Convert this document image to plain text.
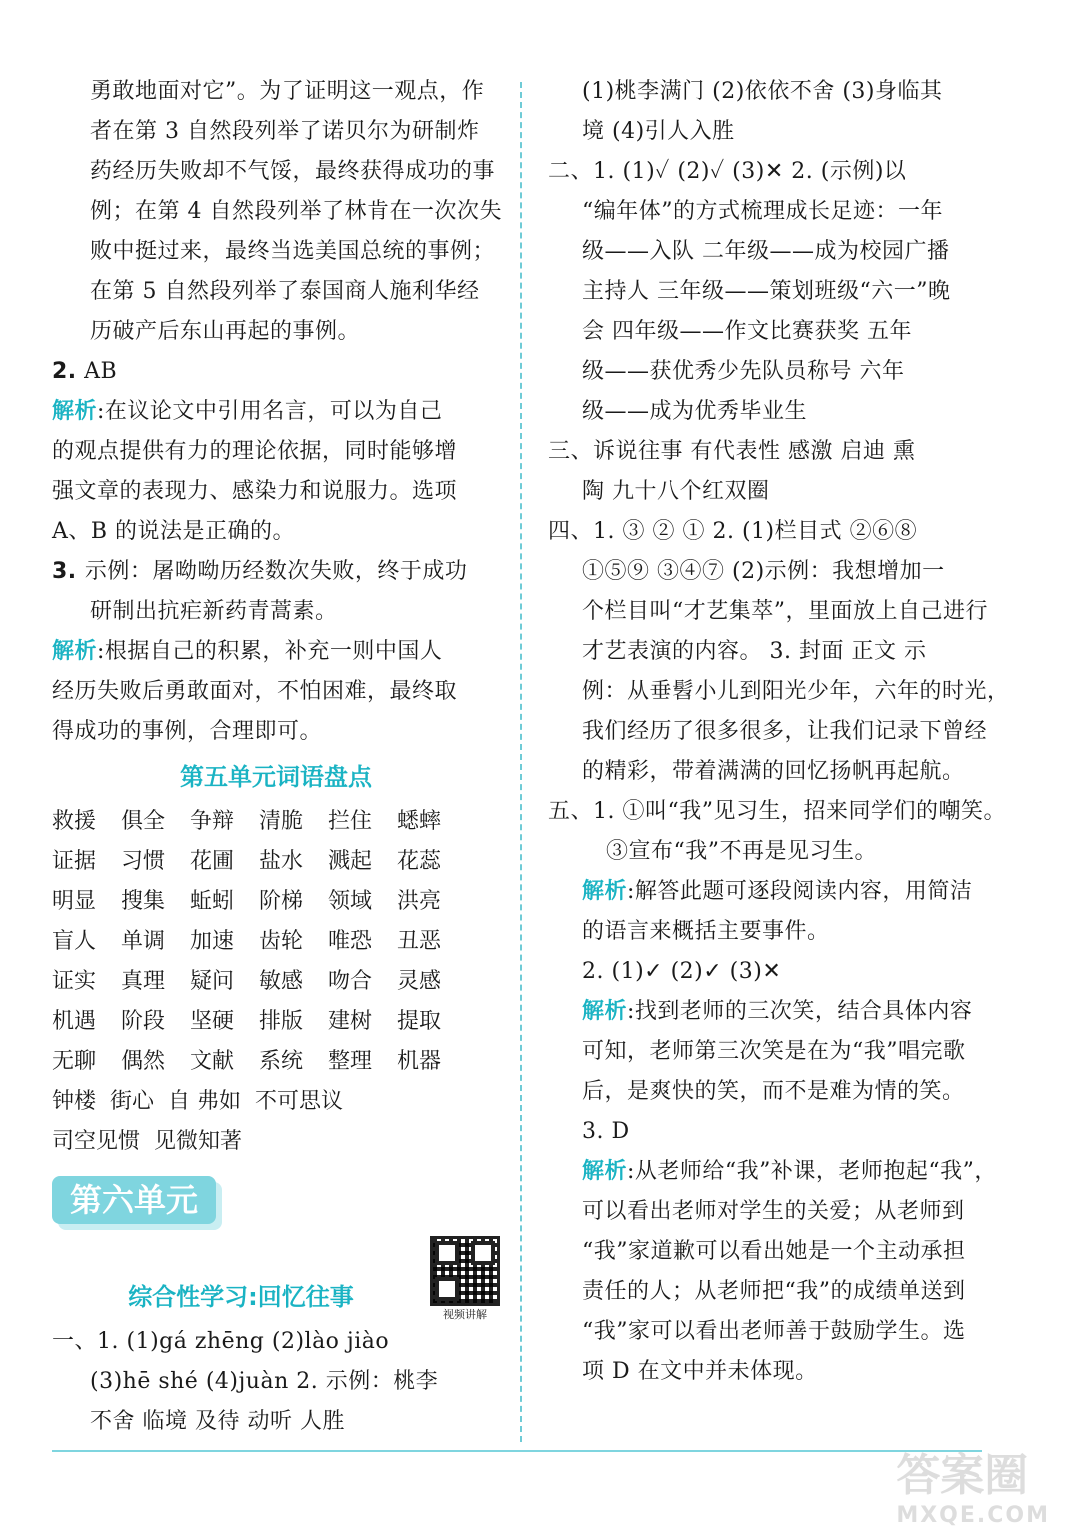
勇敢地面对它”。为了证明这一观点，作
者在第 3 自然段列举了诺贝尔为研制炸
药经历失败却不气馁，最终获得成功的事
例；在第 4 自然段列举了林肯在一次次失
败中挺过来，最终当选美国总统的事例；
在第 5 自然段列举了泰国商人施利华经
历破产后东山再起的事例。
2. AB
解析:在议论文中引用名言，可以为自己
的观点提供有力的理论依据，同时能够增
强文章的表现力、感染力和说服力。选项
A、B 的说法是正确的。
3. 示例：屠呦呦历经数次失败，终于成功
研制出抗疟新药青蒿素。
解析:根据自己的积累，补充一则中国人
经历失败后勇敢面对，不怕困难，最终取
得成功的事例，合理即可。

第五单元词语盘点

救援	俱全	争辩	清脆	拦住	蟋蟀
证据	习惯	花圃	盐水	溅起	花蕊
明显	搜集	蚯蚓	阶梯	领域	洪亮
盲人	单调	加速	齿轮	唯恐	丑恶
证实	真理	疑问	敏感	吻合	灵感
机遇	阶段	坚硬	排版	建树	提取
无聊	偶然	文献	系统	整理	机器
钟楼 街心 自 弗如 不可思议
司空见惯 见微知著
第六单元

综合性学习:回忆往事

视频讲解
一、1. (1)gá zhēng (2)lào jiào
(3)hē shé (4)juàn 2. 示例：桃李
不舍 临境 及待 动听 人胜
(1)桃李满门 (2)依依不舍 (3)身临其
境 (4)引人入胜
二、1. (1)✓ (2)✓ (3)✕ 2. (示例)以
“编年体”的方式梳理成长足迹：一年
级——入队 二年级——成为校园广播
主持人 三年级——策划班级“六一”晚
会 四年级——作文比赛获奖 五年
级——获优秀少先队员称号 六年
级——成为优秀毕业生
三、诉说往事 有代表性 感激 启迪 熏
陶 九十八个红双圈
四、1. ③ ② ① 2. (1)栏目式 ②⑥⑧
①⑤⑨ ③④⑦ (2)示例：我想增加一
个栏目叫“才艺集萃”，里面放上自己进行
才艺表演的内容。 3. 封面 正文 示
例：从垂髫小儿到阳光少年，六年的时光，
我们经历了很多很多，让我们记录下曾经
的精彩，带着满满的回忆扬帆再起航。
五、1. ①叫“我”见习生，招来同学们的嘲笑。
③宣布“我”不再是见习生。
解析:解答此题可逐段阅读内容，用简洁
的语言来概括主要事件。
2. (1)✓ (2)✓ (3)✕
解析:找到老师的三次笑，结合具体内容
可知，老师第三次笑是在为“我”唱完歌
后，是爽快的笑，而不是难为情的笑。
3. D
解析:从老师给“我”补课，老师抱起“我”，
可以看出老师对学生的关爱；从老师到
“我”家道歉可以看出她是一个主动承担
责任的人；从老师把“我”的成绩单送到
“我”家可以看出老师善于鼓励学生。选
项 D 在文中并未体现。
答案圈
MXQE.COM
